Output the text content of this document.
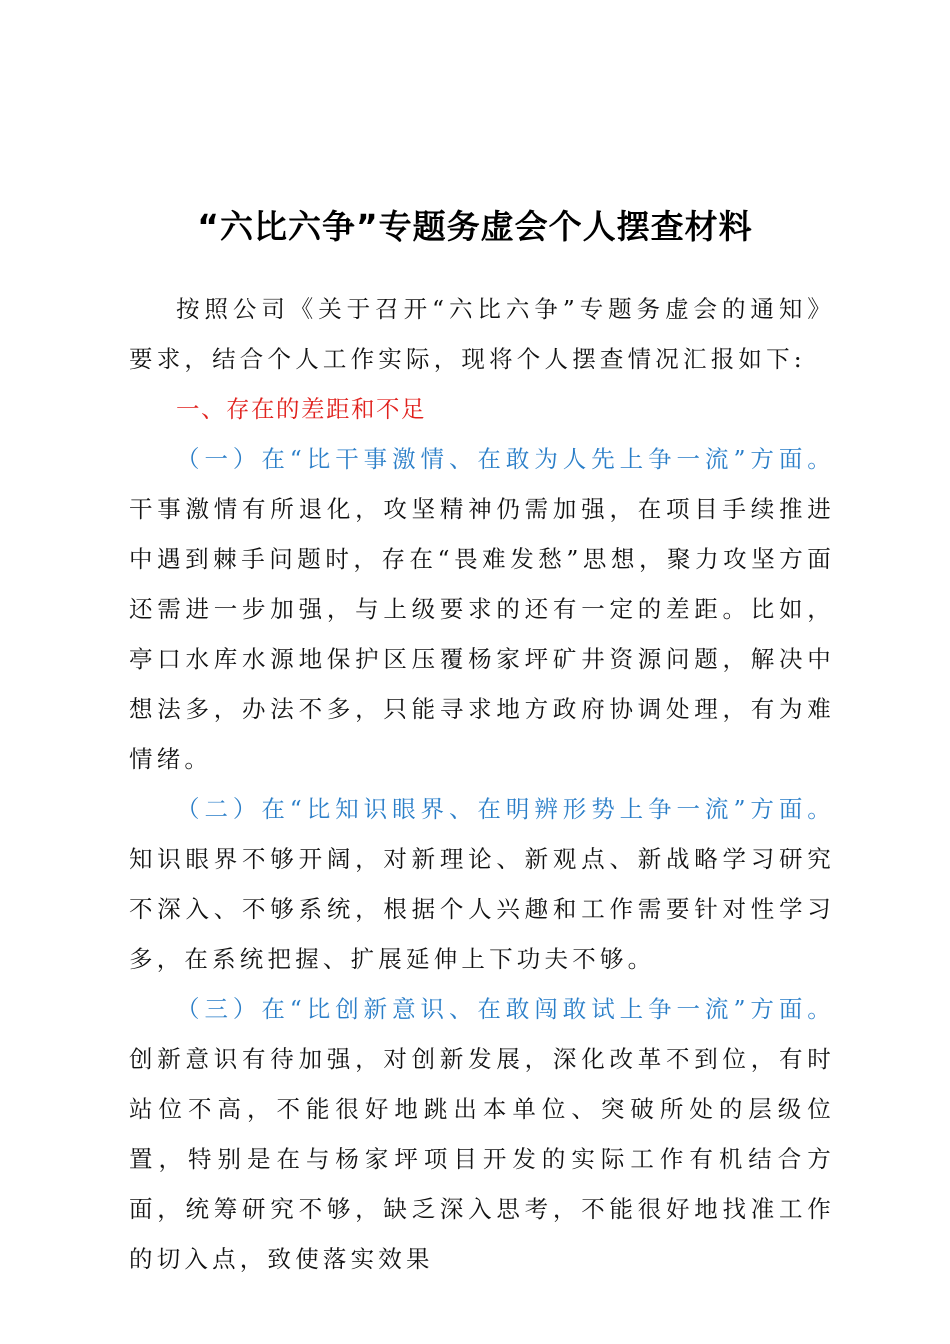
“六比六争”专题务虚会个人摆查材料

按照公司《关于召开“六比六争”专题务虚会的通知》要求，结合个人工作实际，现将个人摆查情况汇报如下:

一、存在的差距和不足

（一）在“比干事激情、在敢为人先上争一流”方面。干事激情有所退化，攻坚精神仍需加强，在项目手续推进中遇到棘手问题时，存在“畏难发愁”思想，聚力攻坚方面还需进一步加强，与上级要求的还有一定的差距。比如，亭口水库水源地保护区压覆杨家坪矿井资源问题，解决中想法多，办法不多，只能寻求地方政府协调处理，有为难情绪。

（二）在“比知识眼界、在明辨形势上争一流”方面。知识眼界不够开阔，对新理论、新观点、新战略学习研究不深入、不够系统，根据个人兴趣和工作需要针对性学习多，在系统把握、扩展延伸上下功夫不够。

（三）在“比创新意识、在敢闯敢试上争一流”方面。创新意识有待加强，对创新发展，深化改革不到位，有时站位不高，不能很好地跳出本单位、突破所处的层级位置，特别是在与杨家坪项目开发的实际工作有机结合方面，统筹研究不够，缺乏深入思考，不能很好地找准工作的切入点，致使落实效果
